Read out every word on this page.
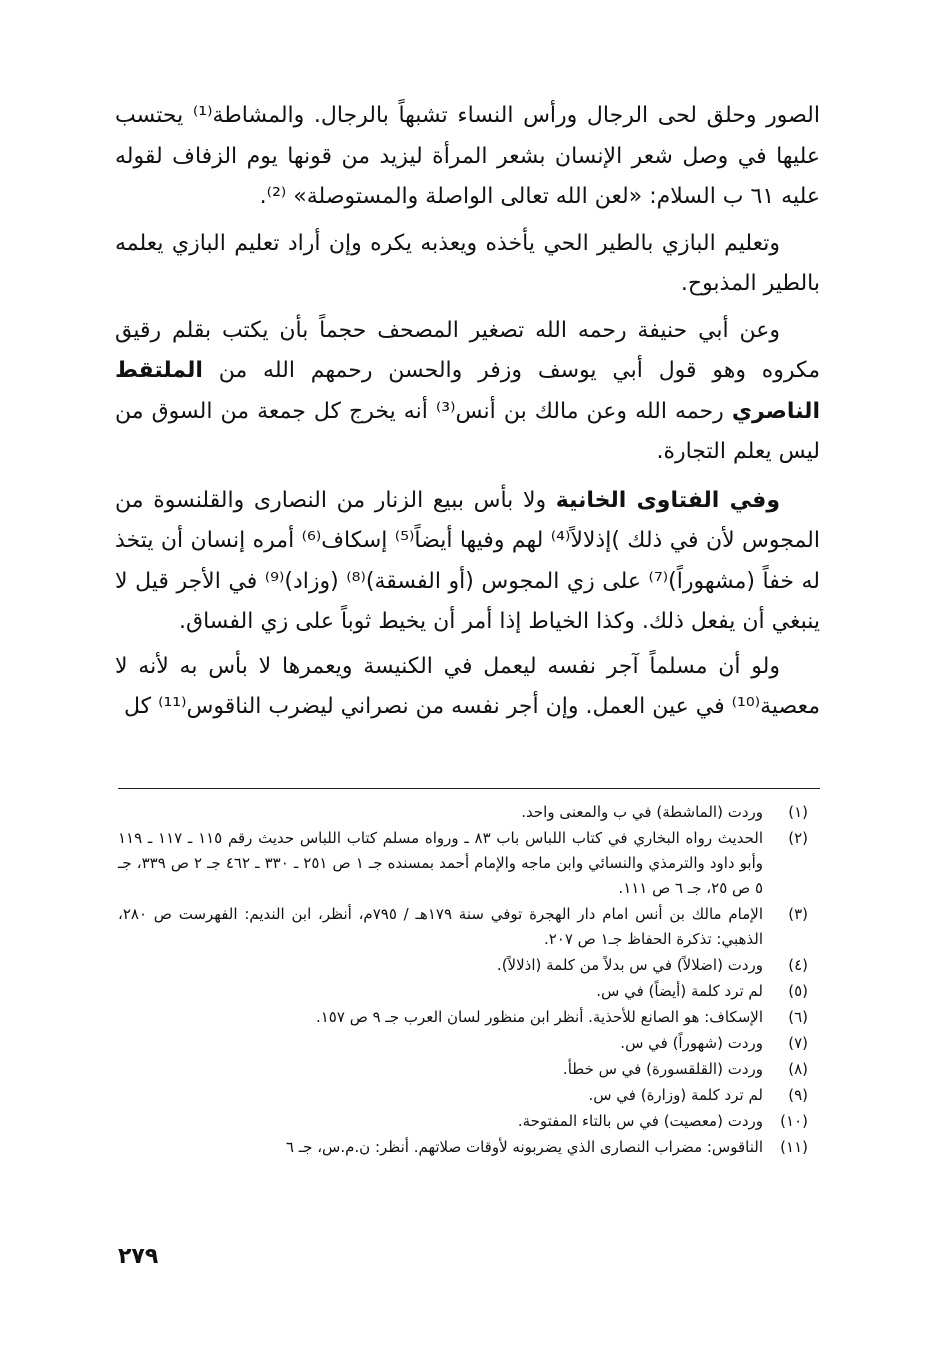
الصور وحلق لحى الرجال ورأس النساء تشبهاً بالرجال. والمشاطة⁽¹⁾ يحتسب عليها في وصل شعر الإنسان بشعر المرأة ليزيد من قونها يوم الزفاف لقوله عليه ٦١ ب السلام: «لعن الله تعالى الواصلة والمستوصلة» ⁽²⁾.

وتعليم البازي بالطير الحي يأخذه ويعذبه يكره وإن أراد تعليم البازي يعلمه بالطير المذبوح.

وعن أبي حنيفة رحمه الله تصغير المصحف حجماً بأن يكتب بقلم رقيق مكروه وهو قول أبي يوسف وزفر والحسن رحمهم الله من الملتقط الناصري رحمه الله وعن مالك بن أنس⁽³⁾ أنه يخرج كل جمعة من السوق من ليس يعلم التجارة.

وفي الفتاوى الخانية ولا بأس ببيع الزنار من النصارى والقلنسوة من المجوس لأن في ذلك )إذلالاً⁽⁴⁾ لهم وفيها أيضاً⁽⁵⁾ إسكاف⁽⁶⁾ أمره إنسان أن يتخذ له خفاً (مشهوراً)⁽⁷⁾ على زي المجوس (أو الفسقة)⁽⁸⁾ (وزاد)⁽⁹⁾ في الأجر قيل لا ينبغي أن يفعل ذلك. وكذا الخياط إذا أمر أن يخيط ثوباً على زي الفساق.

ولو أن مسلماً آجر نفسه ليعمل في الكنيسة ويعمرها لا بأس به لأنه لا معصية⁽¹⁰⁾ في عين العمل. وإن أجر نفسه من نصراني ليضرب الناقوس⁽¹¹⁾ كل

(١)
وردت (الماشطة) في ب والمعنى واحد.
(٢)
الحديث رواه البخاري في كتاب اللباس باب ٨٣ ـ ورواه مسلم كتاب اللباس حديث رقم ١١٥ ـ ١١٧ ـ ١١٩ وأبو داود والترمذي والنسائي وابن ماجه والإمام أحمد بمسنده جـ ١ ص ٢٥١ ـ ٣٣٠ ـ ٤٦٢ جـ ٢ ص ٣٣٩، جـ ٥ ص ٢٥، جـ ٦ ص ١١١.
(٣)
الإمام مالك بن أنس امام دار الهجرة توفي سنة ١٧٩هـ / ٧٩٥م، أنظر، ابن النديم: الفهرست ص ٢٨٠، الذهبي: تذكرة الحفاظ جـ١ ص ٢٠٧.
(٤)
وردت (اضلالاً) في س بدلاً من كلمة (اذلالاً).
(٥)
لم ترد كلمة (أيضاً) في س.
(٦)
الإسكاف: هو الصانع للأحذية. أنظر ابن منظور لسان العرب جـ ٩ ص ١٥٧.
(٧)
وردت (شهوراً) في س.
(٨)
وردت (القلقسورة) في س خطأ.
(٩)
لم ترد كلمة (وزارة) في س.
(١٠)
وردت (معصيت) في س بالتاء المفتوحة.
(١١)
الناقوس: مضراب النصارى الذي يضربونه لأوقات صلاتهم. أنظر: ن.م.س، جـ ٦
٢٧٩
